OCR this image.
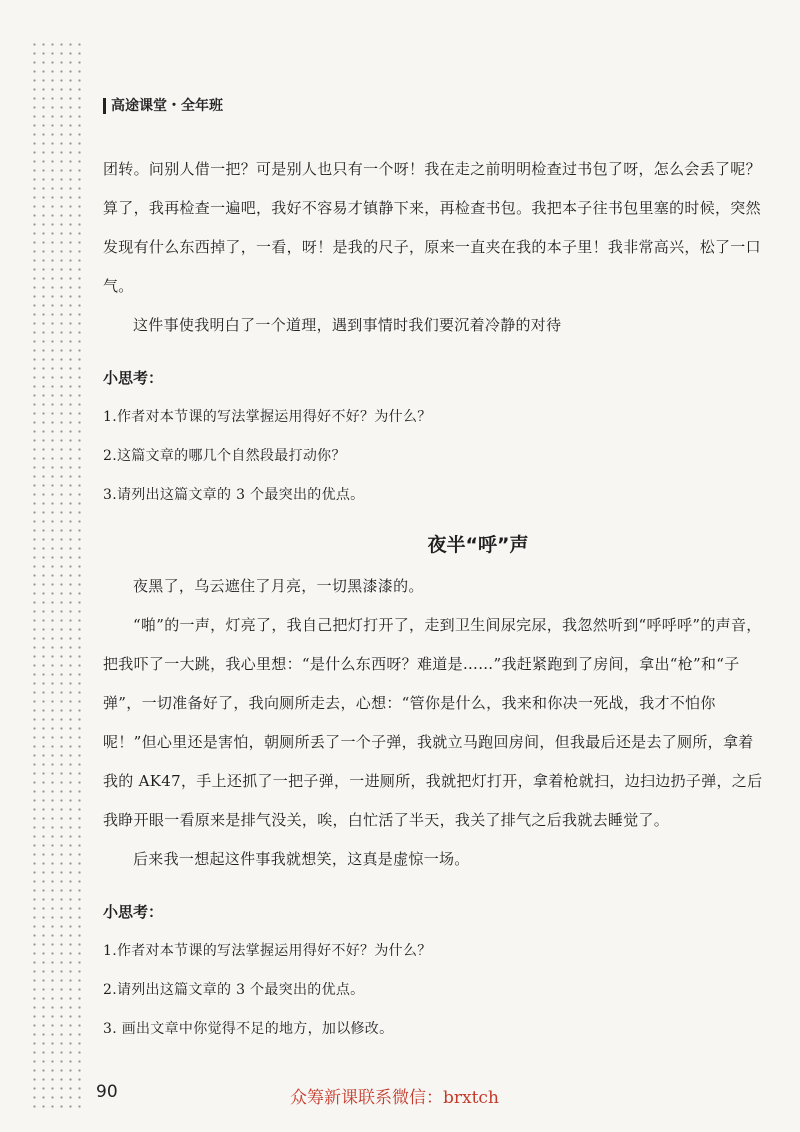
高途课堂・全年班

团转。问别人借一把？可是别人也只有一个呀！我在走之前明明检查过书包了呀，怎么会丢了呢？算了，我再检查一遍吧，我好不容易才镇静下来，再检查书包。我把本子往书包里塞的时候，突然发现有什么东西掉了，一看，呀！是我的尺子，原来一直夹在我的本子里！我非常高兴，松了一口气。

这件事使我明白了一个道理，遇到事情时我们要沉着冷静的对待

小思考：

1.作者对本节课的写法掌握运用得好不好？为什么？

2.这篇文章的哪几个自然段最打动你？

3.请列出这篇文章的 3 个最突出的优点。

夜半“呼”声

夜黑了，乌云遮住了月亮，一切黑漆漆的。

“啪”的一声，灯亮了，我自己把灯打开了，走到卫生间尿完尿，我忽然听到“呼呼呼”的声音，把我吓了一大跳，我心里想：“是什么东西呀？难道是……”我赶紧跑到了房间，拿出“枪”和“子弹”，一切准备好了，我向厕所走去，心想：“管你是什么，我来和你决一死战，我才不怕你呢！”但心里还是害怕，朝厕所丢了一个子弹，我就立马跑回房间，但我最后还是去了厕所，拿着我的 AK47，手上还抓了一把子弹，一进厕所，我就把灯打开，拿着枪就扫，边扫边扔子弹，之后我睁开眼一看原来是排气没关，唉，白忙活了半天，我关了排气之后我就去睡觉了。

后来我一想起这件事我就想笑，这真是虚惊一场。

小思考：

1.作者对本节课的写法掌握运用得好不好？为什么？

2.请列出这篇文章的 3 个最突出的优点。

3. 画出文章中你觉得不足的地方，加以修改。

90	众筹新课联系微信：brxtch
